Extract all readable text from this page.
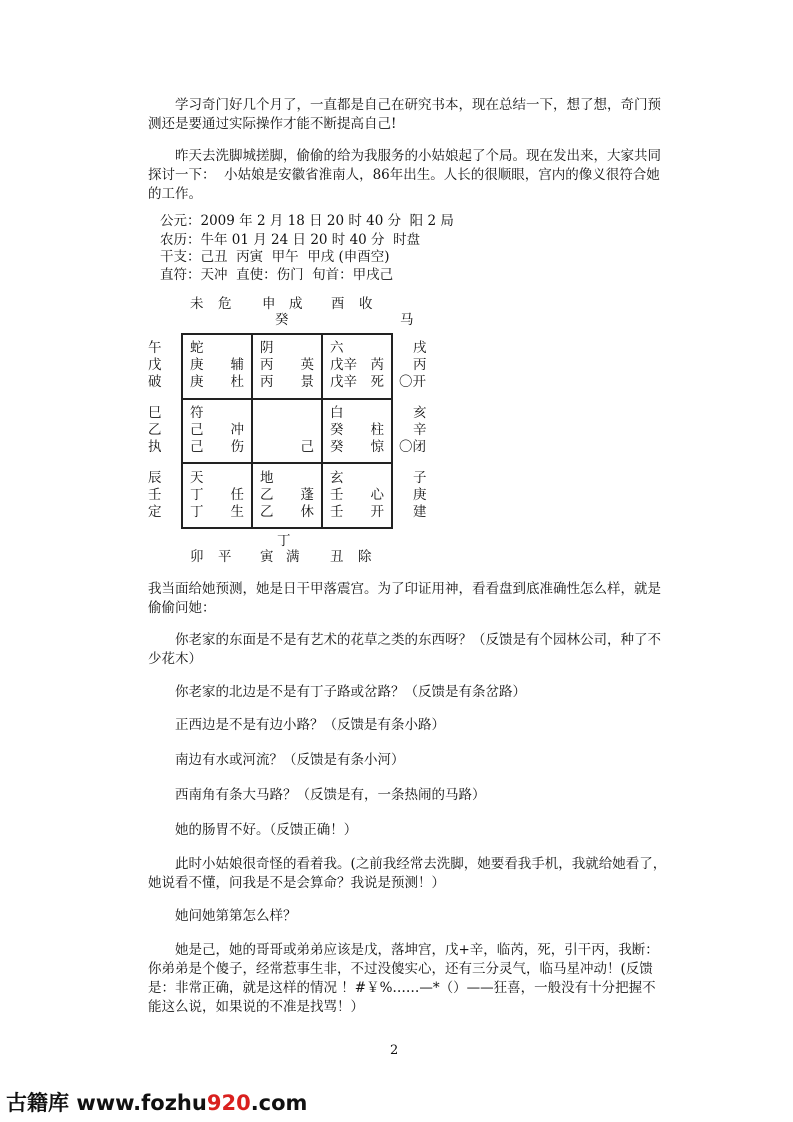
　　学习奇门好几个月了，一直都是自己在研究书本，现在总结一下，想了想，奇门预测还是要通过实际操作才能不断提高自己!

　　昨天去洗脚城搓脚，偷偷的给为我服务的小姑娘起了个局。现在发出来，大家共同探讨一下：  小姑娘是安徽省淮南人，86年出生。人长的很顺眼，宫内的像义很符合她的工作。

公元：2009 年 2 月 18 日 20 时 40 分  阳 2 局

农历：牛年 01 月 24 日 20 时 40 分  时盘

干支：己丑  丙寅  甲午  甲戌 (申酉空)

直符：天冲  直使：伤门  旬首：甲戌己

未 危 申 成 酉 收
癸	马
午
戊
破
巳
乙
执
辰
壬
定
戌
丙
〇开
亥
辛
〇闭
子
庚
建
蛇
庚　　辅
庚　　杜
阴
丙　　英
丙　　景
六
戊辛　芮
戊辛　死
符
己　　冲
己　　伤 　　　己
白
癸　　柱
癸　　惊
天
丁　　任
丁　　生
地
乙　　蓬
乙　　休
玄
壬　　心
壬　　开
丁
卯 平 寅 满 丑 除

我当面给她预测，她是日干甲落震宫。为了印证用神，看看盘到底准确性怎么样，就是偷偷问她：

　　你老家的东面是不是有艺术的花草之类的东西呀？（反馈是有个园林公司，种了不少花木）

　　你老家的北边是不是有丁子路或岔路？（反馈是有条岔路）

　　正西边是不是有边小路？（反馈是有条小路）

　　南边有水或河流？（反馈是有条小河）

　　西南角有条大马路？（反馈是有，一条热闹的马路）

　　她的肠胃不好。（反馈正确！）

　　此时小姑娘很奇怪的看着我。(之前我经常去洗脚，她要看我手机，我就给她看了，她说看不懂，问我是不是会算命？我说是预测！）

　　她问她第第怎么样？

　　她是己，她的哥哥或弟弟应该是戊，落坤宫，戊+辛，临芮，死，引干丙，我断：你弟弟是个傻子，经常惹事生非，不过没傻实心，还有三分灵气，临马星冲动！(反馈是：非常正确，就是这样的情况 ！#￥%……—*（）——狂喜，一般没有十分把握不能这么说，如果说的不准是找骂！）

2
古籍库 www.fozhu920.com
